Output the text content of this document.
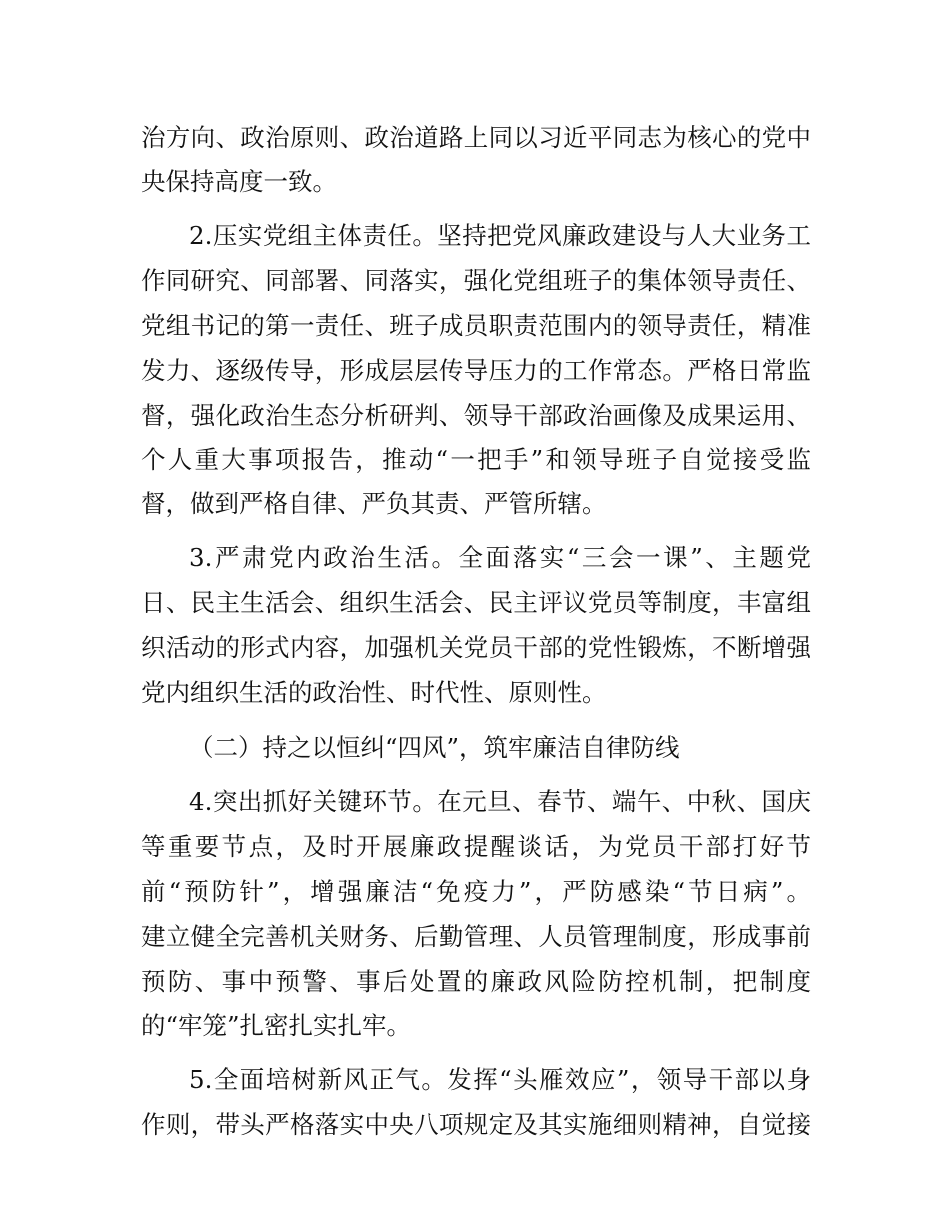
治方向、政治原则、政治道路上同以习近平同志为核心的党中
央保持高度一致。
2.压实党组主体责任。坚持把党风廉政建设与人大业务工
作同研究、同部署、同落实，强化党组班子的集体领导责任、
党组书记的第一责任、班子成员职责范围内的领导责任，精准
发力、逐级传导，形成层层传导压力的工作常态。严格日常监
督，强化政治生态分析研判、领导干部政治画像及成果运用、
个人重大事项报告，推动“一把手”和领导班子自觉接受监
督，做到严格自律、严负其责、严管所辖。
3.严肃党内政治生活。全面落实“三会一课”、主题党
日、民主生活会、组织生活会、民主评议党员等制度，丰富组
织活动的形式内容，加强机关党员干部的党性锻炼，不断增强
党内组织生活的政治性、时代性、原则性。
（二）持之以恒纠“四风”，筑牢廉洁自律防线
4.突出抓好关键环节。在元旦、春节、端午、中秋、国庆
等重要节点，及时开展廉政提醒谈话，为党员干部打好节
前“预防针”，增强廉洁“免疫力”，严防感染“节日病”。
建立健全完善机关财务、后勤管理、人员管理制度，形成事前
预防、事中预警、事后处置的廉政风险防控机制，把制度
的“牢笼”扎密扎实扎牢。
5.全面培树新风正气。发挥“头雁效应”，领导干部以身
作则，带头严格落实中央八项规定及其实施细则精神，自觉接
